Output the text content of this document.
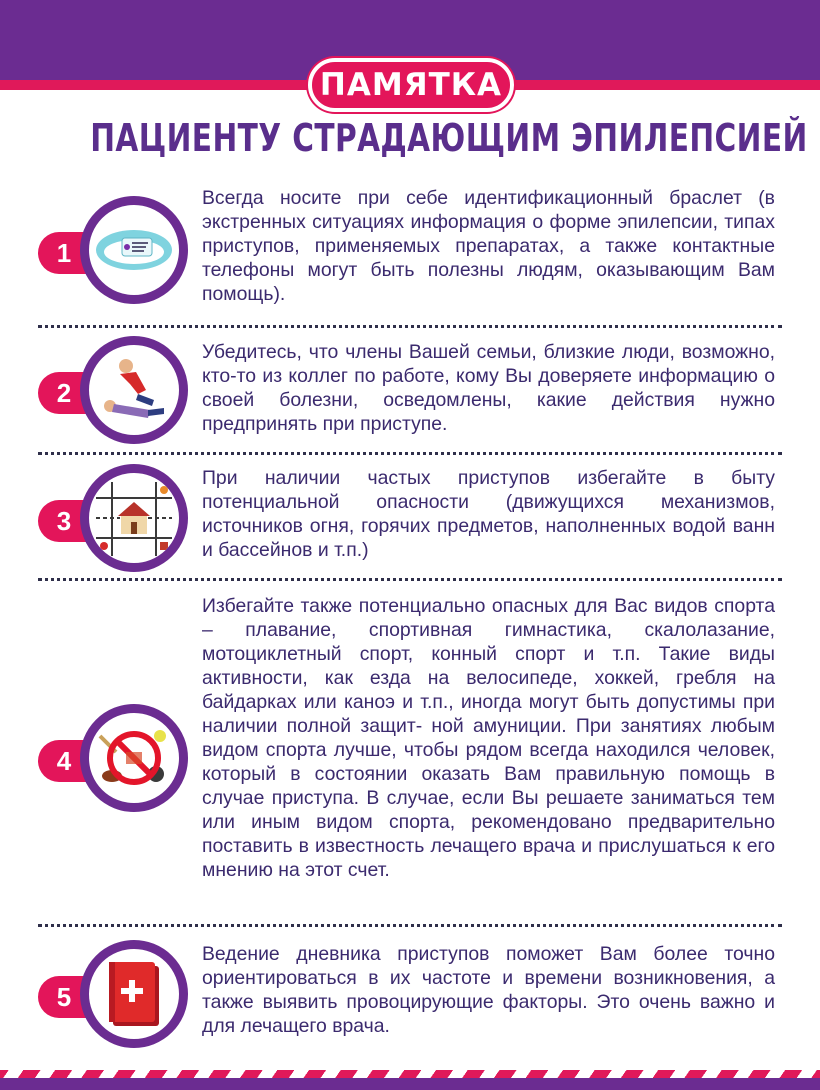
ПАМЯТКА
ПАЦИЕНТУ СТРАДАЮЩИМ ЭПИЛЕПСИЕЙ
1
Всегда носите при себе идентификационный браслет (в экстренных ситуациях информация о форме эпилепсии, типах приступов, применяемых препаратах, а также контактные телефоны могут быть полезны людям, оказывающим Вам помощь).
2
Убедитесь, что члены Вашей семьи, близкие люди, возможно, кто-то из коллег по работе, кому Вы доверяете информацию о своей болезни, осведомлены, какие действия нужно предпринять при приступе.
3
При наличии частых приступов избегайте в быту потенциальной опасности (движущихся механизмов, источников огня, горячих предметов, наполненных водой ванн и бассейнов и т.п.)
4
Избегайте также потенциально опасных для Вас видов спорта – плавание, спортивная гимнастика, скалолазание, мотоциклетный спорт, конный спорт и т.п. Такие виды активности, как езда на велосипеде, хоккей, гребля на байдарках или каноэ и т.п., иногда могут быть допустимы при наличии полной защит- ной амуниции. При занятиях любым видом спорта лучше, чтобы рядом всегда находился человек, который в состоянии оказать Вам правильную помощь в случае приступа. В случае, если Вы решаете заниматься тем или иным видом спорта, рекомендовано предварительно поставить в известность лечащего врача и прислушаться к его мнению на этот счет.
5
Ведение дневника приступов поможет Вам более точно ориентироваться в их частоте и времени возникновения, а также выявить провоцирующие факторы. Это очень важно и для лечащего врача.
